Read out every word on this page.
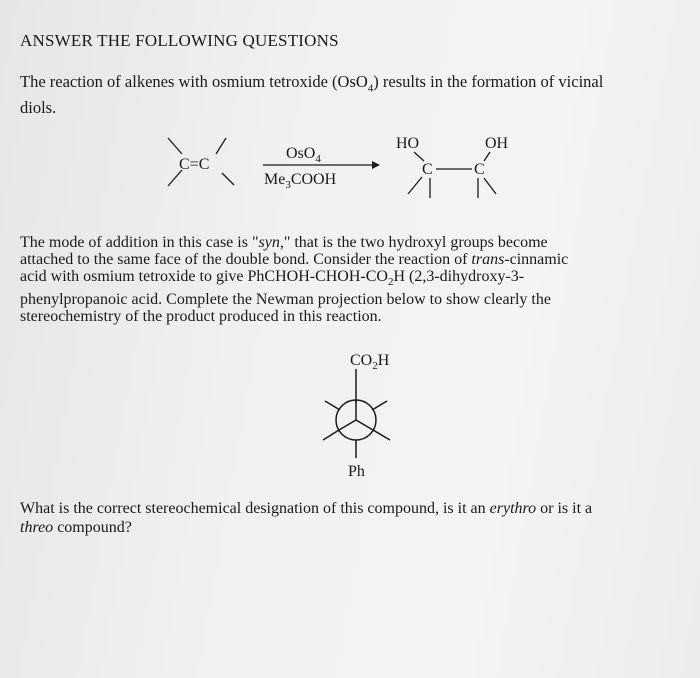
ANSWER THE FOLLOWING QUESTIONS
The reaction of alkenes with osmium tetroxide (OsO$_4$) results in the formation of vicinal
diols.
C=C
OsO$_4$
$Me_3COOH$
HO	OH
C	C
The mode of addition in this case is "syn," that is the two hydroxyl groups become
attached to the same face of the double bond. Consider the reaction of trans-cinnamic
acid with osmium tetroxide to give PhCHOH-$CHOH-CO_2H$ (2,3-dihydroxy-3-
phenylpropanoic acid. Complete the Newman projection below to show clearly the
stereochemistry of the product produced in this reaction.
$CO_2H$
Ph
What is the correct stereochemical designation of this compound, is it an erythro or is it a
threo compound?
